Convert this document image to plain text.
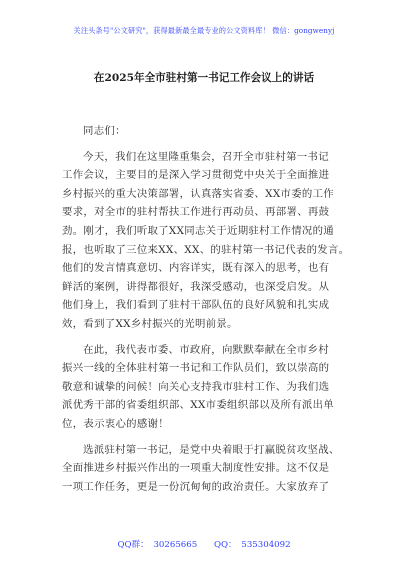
关注头条号"公文研究"，获得最新最全最专业的公文资料库！ 微信：gongwenyj
在2025年全市驻村第一书记工作会议上的讲话
同志们：
今天，我们在这里隆重集会，召开全市驻村第一书记
工作会议，主要目的是深入学习贯彻党中央关于全面推进
乡村振兴的重大决策部署，认真落实省委、XX市委的工作
要求，对全市的驻村帮扶工作进行再动员、再部署、再鼓
劲。刚才，我们听取了XX同志关于近期驻村工作情况的通
报，也听取了三位来XX、XX、的驻村第一书记代表的发言。
他们的发言情真意切、内容详实，既有深入的思考，也有
鲜活的案例，讲得都很好，我深受感动，也深受启发。从
他们身上，我们看到了驻村干部队伍的良好风貌和扎实成
效，看到了XX乡村振兴的光明前景。
在此，我代表市委、市政府，向默默奉献在全市乡村
振兴一线的全体驻村第一书记和工作队员们，致以崇高的
敬意和诚挚的问候！向关心支持我市驻村工作、为我们选
派优秀干部的省委组织部、XX市委组织部以及所有派出单
位，表示衷心的感谢！
选派驻村第一书记，是党中央着眼于打赢脱贫攻坚战、
全面推进乡村振兴作出的一项重大制度性安排。这不仅是
一项工作任务，更是一份沉甸甸的政治责任。大家放弃了
QQ群： 30265665 QQ： 535304092
